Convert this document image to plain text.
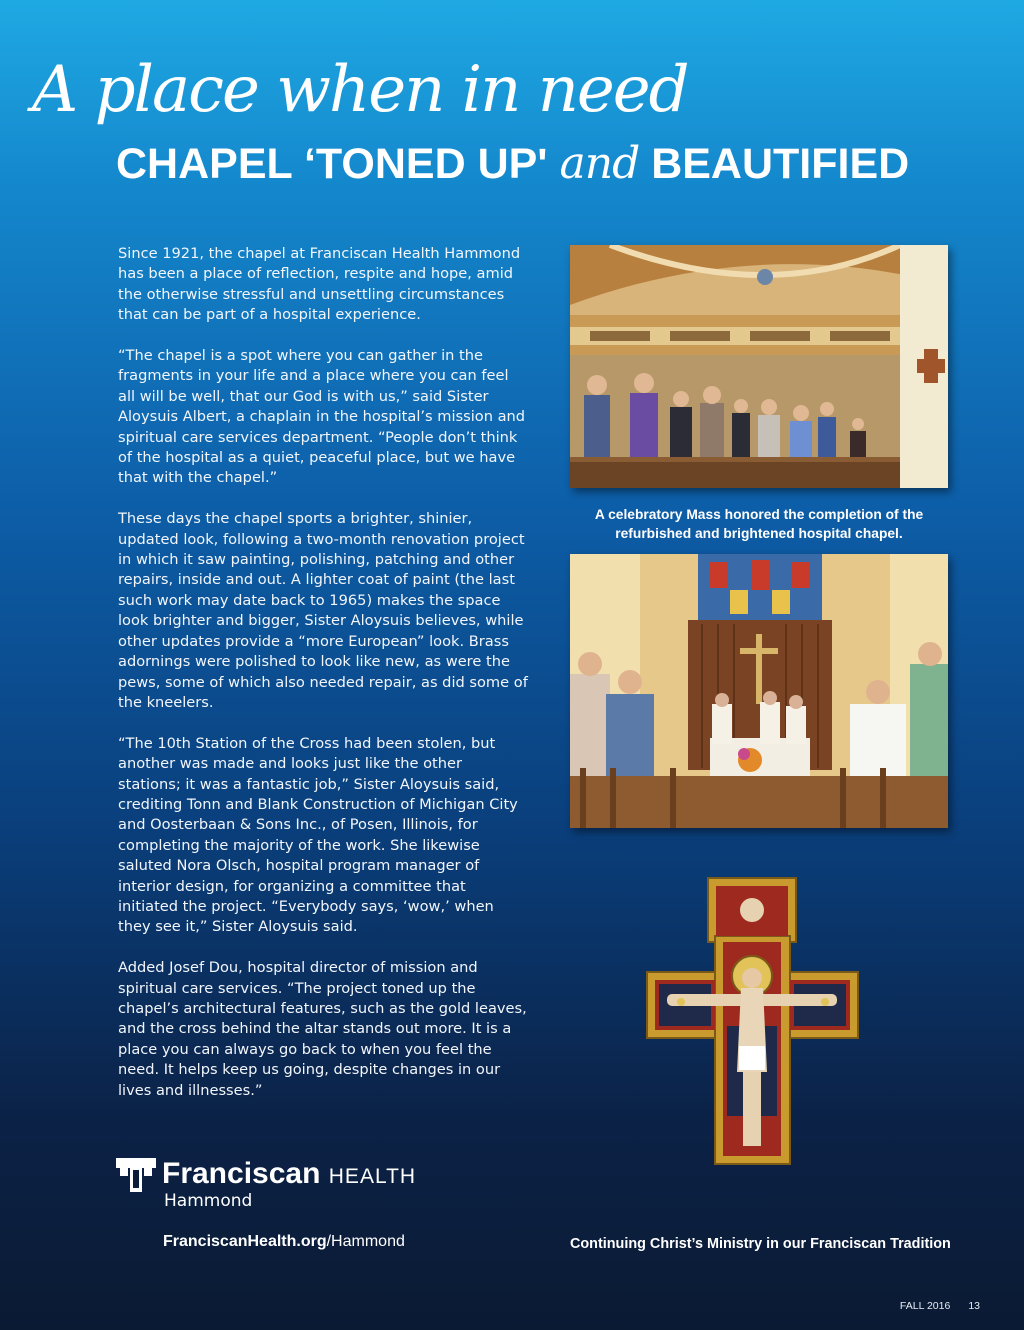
A place when in need
CHAPEL ‘TONED UP' and BEAUTIFIED

Since 1921, the chapel at Franciscan Health Hammond has been a place of reflection, respite and hope, amid the otherwise stressful and unsettling circumstances that can be part of a hospital experience.

“The chapel is a spot where you can gather in the fragments in your life and a place where you can feel all will be well, that our God is with us,” said Sister Aloysuis Albert, a chaplain in the hospital’s mission and spiritual care services department. “People don’t think of the hospital as a quiet, peaceful place, but we have that with the chapel.”

These days the chapel sports a brighter, shinier, updated look, following a two-month renovation project in which it saw painting, polishing, patching and other repairs, inside and out. A lighter coat of paint (the last such work may date back to 1965) makes the space look brighter and bigger, Sister Aloysuis believes, while other updates provide a “more European” look. Brass adornings were polished to look like new, as were the pews, some of which also needed repair, as did some of the kneelers.

“The 10th Station of the Cross had been stolen, but another was made and looks just like the other stations; it was a fantastic job,” Sister Aloysuis said, crediting Tonn and Blank Construction of Michigan City and Oosterbaan & Sons Inc., of Posen, Illinois, for completing the majority of the work. She likewise saluted Nora Olsch, hospital program manager of interior design, for organizing a committee that initiated the project. “Everybody says, ‘wow,’ when they see it,” Sister Aloysuis said.

Added Josef Dou, hospital director of mission and spiritual care services. “The project toned up the chapel’s architectural features, such as the gold leaves, and the cross behind the altar stands out more. It is a place you can always go back to when you feel the need. It helps keep us going, despite changes in our lives and illnesses.”

A celebratory Mass honored the completion of the refurbished and brightened hospital chapel.
Franciscan HEALTH
Hammond
FranciscanHealth.org/Hammond	Continuing Christ’s Ministry in our Franciscan Tradition
FALL 2016 13
